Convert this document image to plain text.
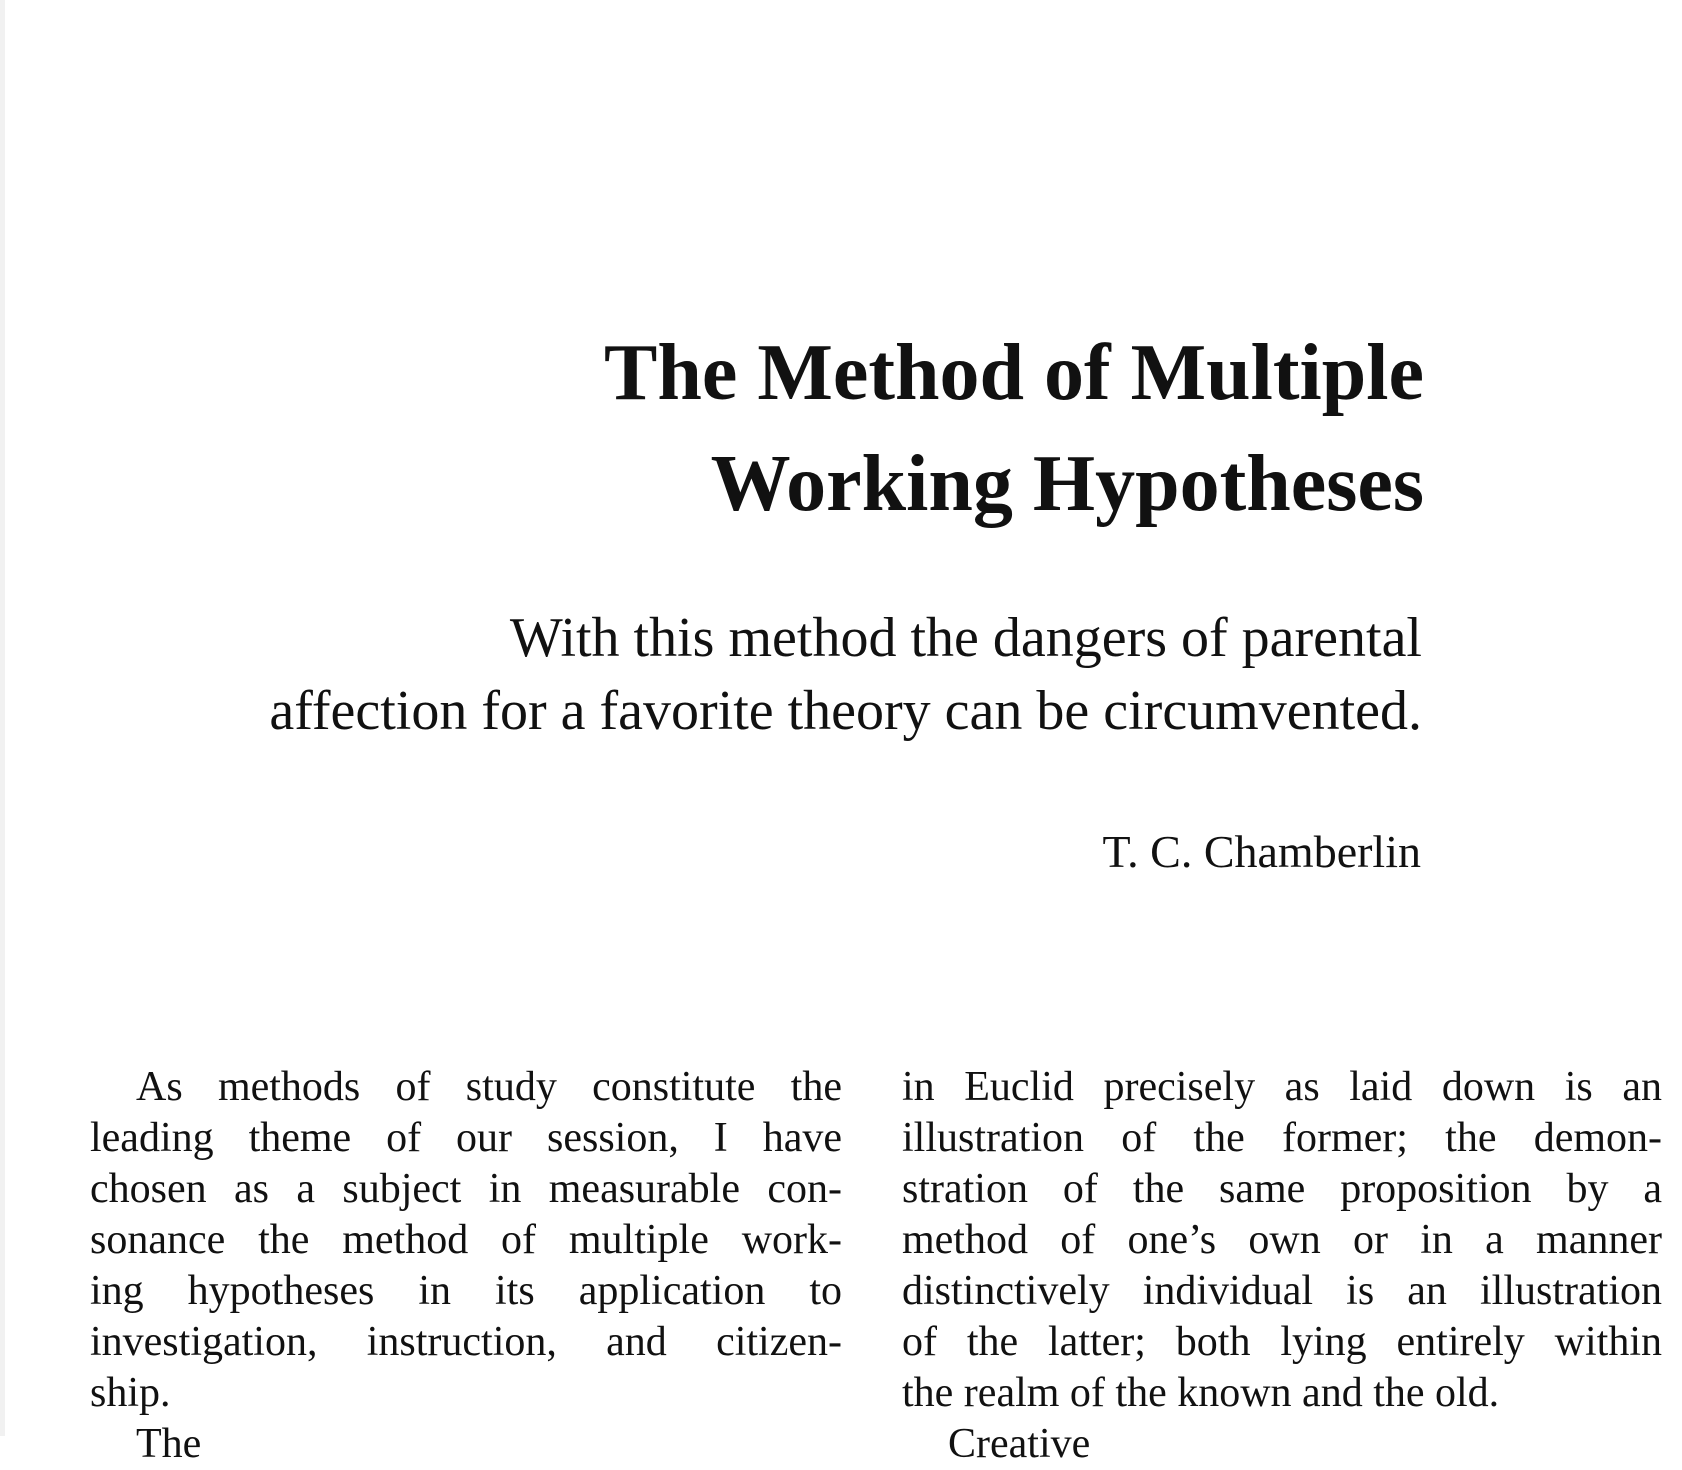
The Method of Multiple
Working Hypotheses
With this method the dangers of parental
affection for a favorite theory can be circumvented.
T. C. Chamberlin
As methods of study constitute the
leading theme of our session, I have
chosen as a subject in measurable con-
sonance the method of multiple work-
ing hypotheses in its application to
investigation, instruction, and citizen-
ship.
The
in Euclid precisely as laid down is an
illustration of the former; the demon-
stration of the same proposition by a
method of one’s own or in a manner
distinctively individual is an illustration
of the latter; both lying entirely within
the realm of the known and the old.
Creative
